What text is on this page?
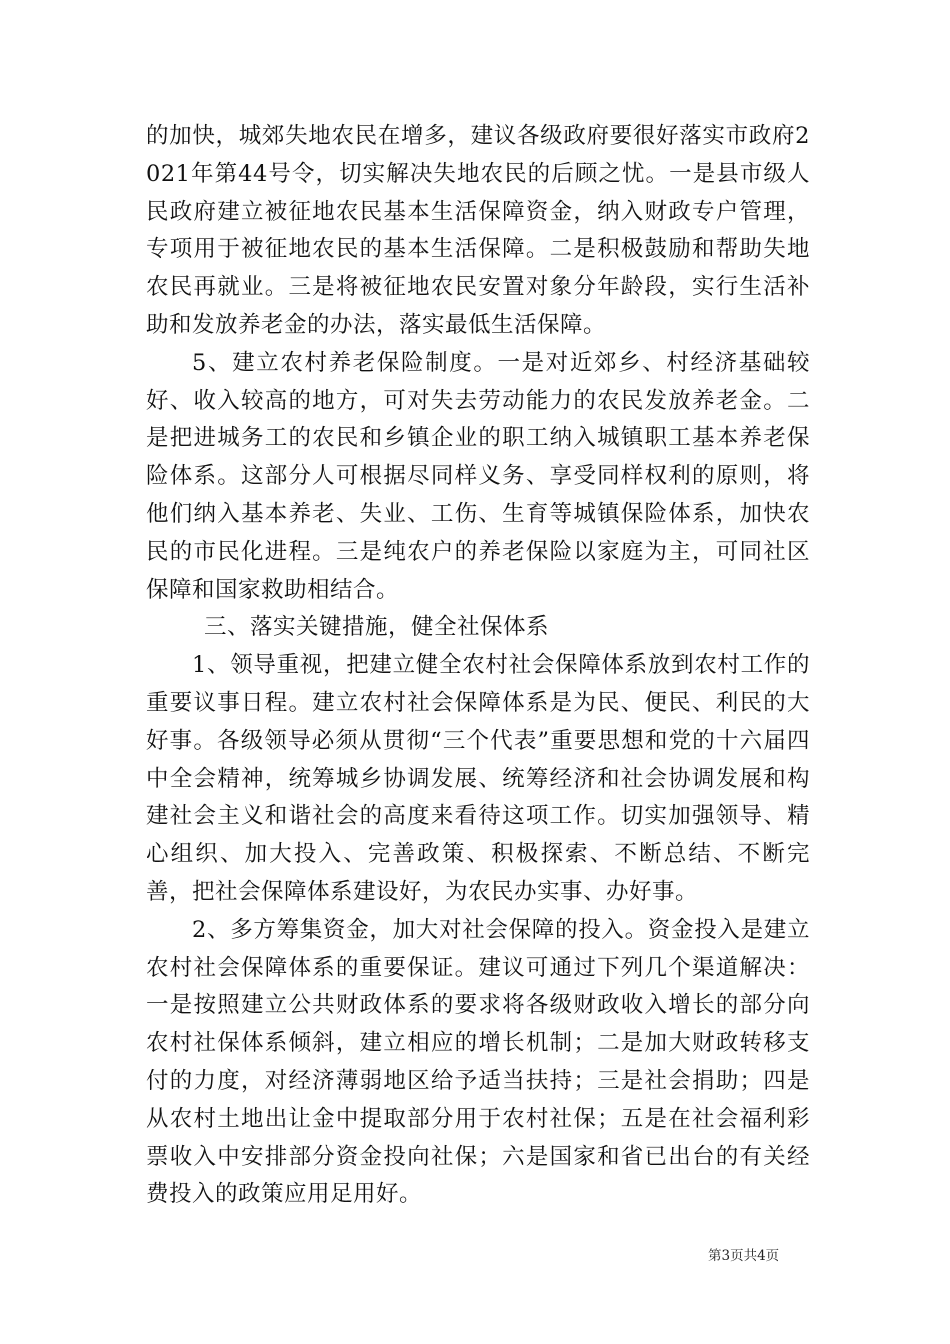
的加快，城郊失地农民在增多，建议各级政府要很好落实市政府2021年第44号令，切实解决失地农民的后顾之忧。一是县市级人民政府建立被征地农民基本生活保障资金，纳入财政专户管理，专项用于被征地农民的基本生活保障。二是积极鼓励和帮助失地农民再就业。三是将被征地农民安置对象分年龄段，实行生活补助和发放养老金的办法，落实最低生活保障。

5、建立农村养老保险制度。一是对近郊乡、村经济基础较好、收入较高的地方，可对失去劳动能力的农民发放养老金。二是把进城务工的农民和乡镇企业的职工纳入城镇职工基本养老保险体系。这部分人可根据尽同样义务、享受同样权利的原则，将他们纳入基本养老、失业、工伤、生育等城镇保险体系，加快农民的市民化进程。三是纯农户的养老保险以家庭为主，可同社区保障和国家救助相结合。

三、落实关键措施，健全社保体系

1、领导重视，把建立健全农村社会保障体系放到农村工作的重要议事日程。建立农村社会保障体系是为民、便民、利民的大好事。各级领导必须从贯彻“三个代表”重要思想和党的十六届四中全会精神，统筹城乡协调发展、统筹经济和社会协调发展和构建社会主义和谐社会的高度来看待这项工作。切实加强领导、精心组织、加大投入、完善政策、积极探索、不断总结、不断完善，把社会保障体系建设好，为农民办实事、办好事。

2、多方筹集资金，加大对社会保障的投入。资金投入是建立农村社会保障体系的重要保证。建议可通过下列几个渠道解决：一是按照建立公共财政体系的要求将各级财政收入增长的部分向农村社保体系倾斜，建立相应的增长机制；二是加大财政转移支付的力度，对经济薄弱地区给予适当扶持；三是社会捐助；四是从农村土地出让金中提取部分用于农村社保；五是在社会福利彩票收入中安排部分资金投向社保；六是国家和省已出台的有关经费投入的政策应用足用好。

第3页共4页
